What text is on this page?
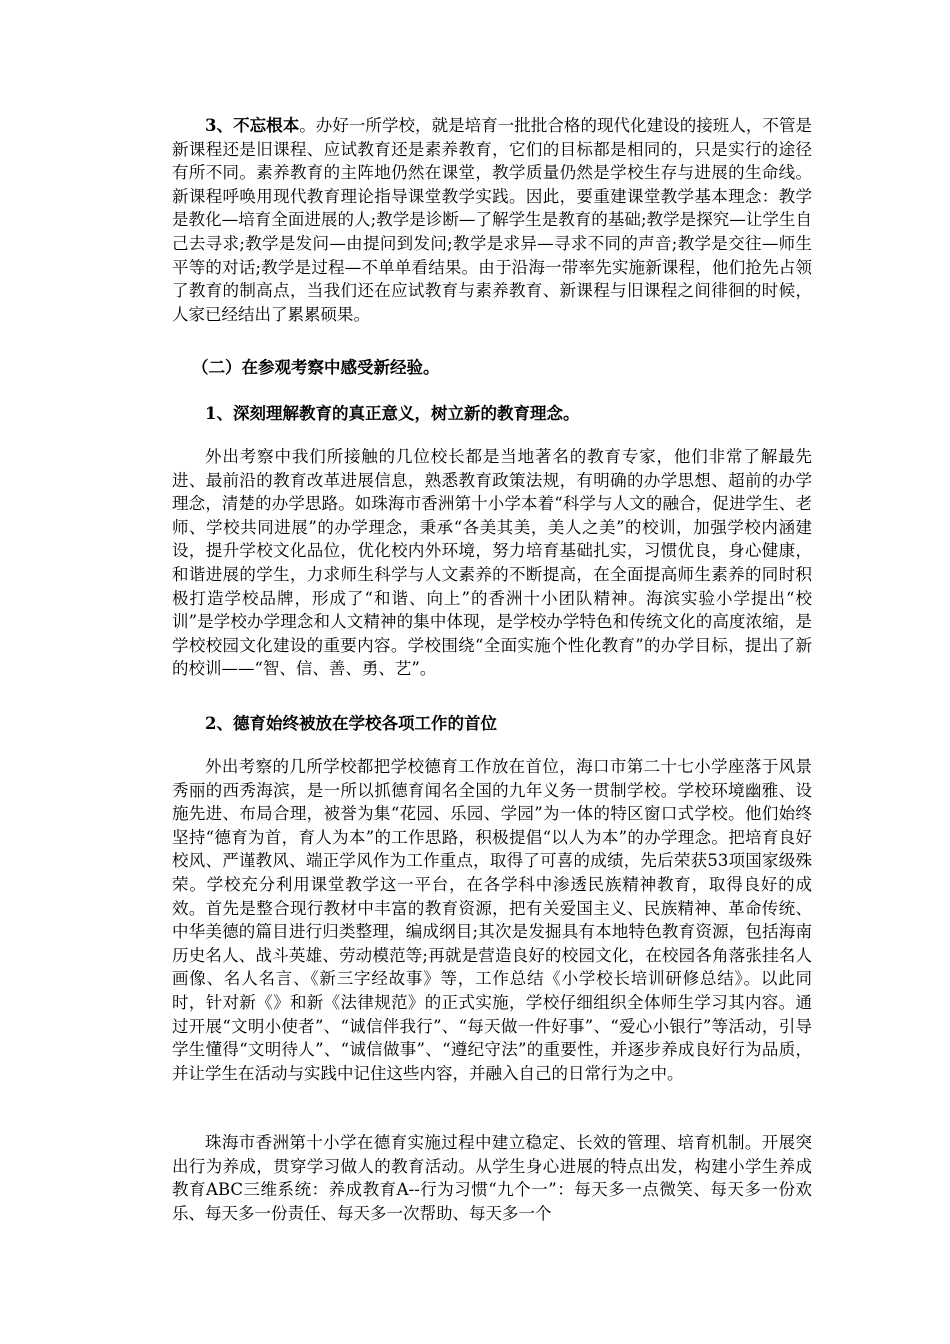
3、不忘根本。办好一所学校，就是培育一批批合格的现代化建设的接班人，不管是新课程还是旧课程、应试教育还是素养教育，它们的目标都是相同的，只是实行的途径有所不同。素养教育的主阵地仍然在课堂，教学质量仍然是学校生存与进展的生命线。新课程呼唤用现代教育理论指导课堂教学实践。因此，要重建课堂教学基本理念：教学是教化—培育全面进展的人;教学是诊断—了解学生是教育的基础;教学是探究—让学生自己去寻求;教学是发问—由提问到发问;教学是求异—寻求不同的声音;教学是交往—师生平等的对话;教学是过程—不单单看结果。由于沿海一带率先实施新课程，他们抢先占领了教育的制高点，当我们还在应试教育与素养教育、新课程与旧课程之间徘徊的时候，人家已经结出了累累硕果。

（二）在参观考察中感受新经验。

1、深刻理解教育的真正意义，树立新的教育理念。

外出考察中我们所接触的几位校长都是当地著名的教育专家，他们非常了解最先进、最前沿的教育改革进展信息，熟悉教育政策法规，有明确的办学思想、超前的办学理念，清楚的办学思路。如珠海市香洲第十小学本着“科学与人文的融合，促进学生、老师、学校共同进展”的办学理念，秉承“各美其美，美人之美”的校训，加强学校内涵建设，提升学校文化品位，优化校内外环境，努力培育基础扎实，习惯优良，身心健康，和谐进展的学生，力求师生科学与人文素养的不断提高，在全面提高师生素养的同时积极打造学校品牌，形成了“和谐、向上”的香洲十小团队精神。海滨实验小学提出“校训”是学校办学理念和人文精神的集中体现，是学校办学特色和传统文化的高度浓缩，是学校校园文化建设的重要内容。学校围绕“全面实施个性化教育”的办学目标，提出了新的校训——“智、信、善、勇、艺”。

2、德育始终被放在学校各项工作的首位

外出考察的几所学校都把学校德育工作放在首位，海口市第二十七小学座落于风景秀丽的西秀海滨，是一所以抓德育闻名全国的九年义务一贯制学校。学校环境幽雅、设施先进、布局合理，被誉为集“花园、乐园、学园”为一体的特区窗口式学校。他们始终坚持“德育为首，育人为本”的工作思路，积极提倡“以人为本”的办学理念。把培育良好校风、严谨教风、端正学风作为工作重点，取得了可喜的成绩，先后荣获53项国家级殊荣。学校充分利用课堂教学这一平台，在各学科中渗透民族精神教育，取得良好的成效。首先是整合现行教材中丰富的教育资源，把有关爱国主义、民族精神、革命传统、中华美德的篇目进行归类整理，编成纲目;其次是发掘具有本地特色教育资源，包括海南历史名人、战斗英雄、劳动模范等;再就是营造良好的校园文化，在校园各角落张挂名人画像、名人名言、《新三字经故事》等，工作总结《小学校长培训研修总结》。以此同时，针对新《》和新《法律规范》的正式实施，学校仔细组织全体师生学习其内容。通过开展“文明小使者”、“诚信伴我行”、“每天做一件好事”、“爱心小银行”等活动，引导学生懂得“文明待人”、“诚信做事”、“遵纪守法”的重要性，并逐步养成良好行为品质，并让学生在活动与实践中记住这些内容，并融入自己的日常行为之中。

珠海市香洲第十小学在德育实施过程中建立稳定、长效的管理、培育机制。开展突出行为养成，贯穿学习做人的教育活动。从学生身心进展的特点出发，构建小学生养成教育ABC三维系统：养成教育A--行为习惯“九个一”：每天多一点微笑、每天多一份欢乐、每天多一份责任、每天多一次帮助、每天多一个
